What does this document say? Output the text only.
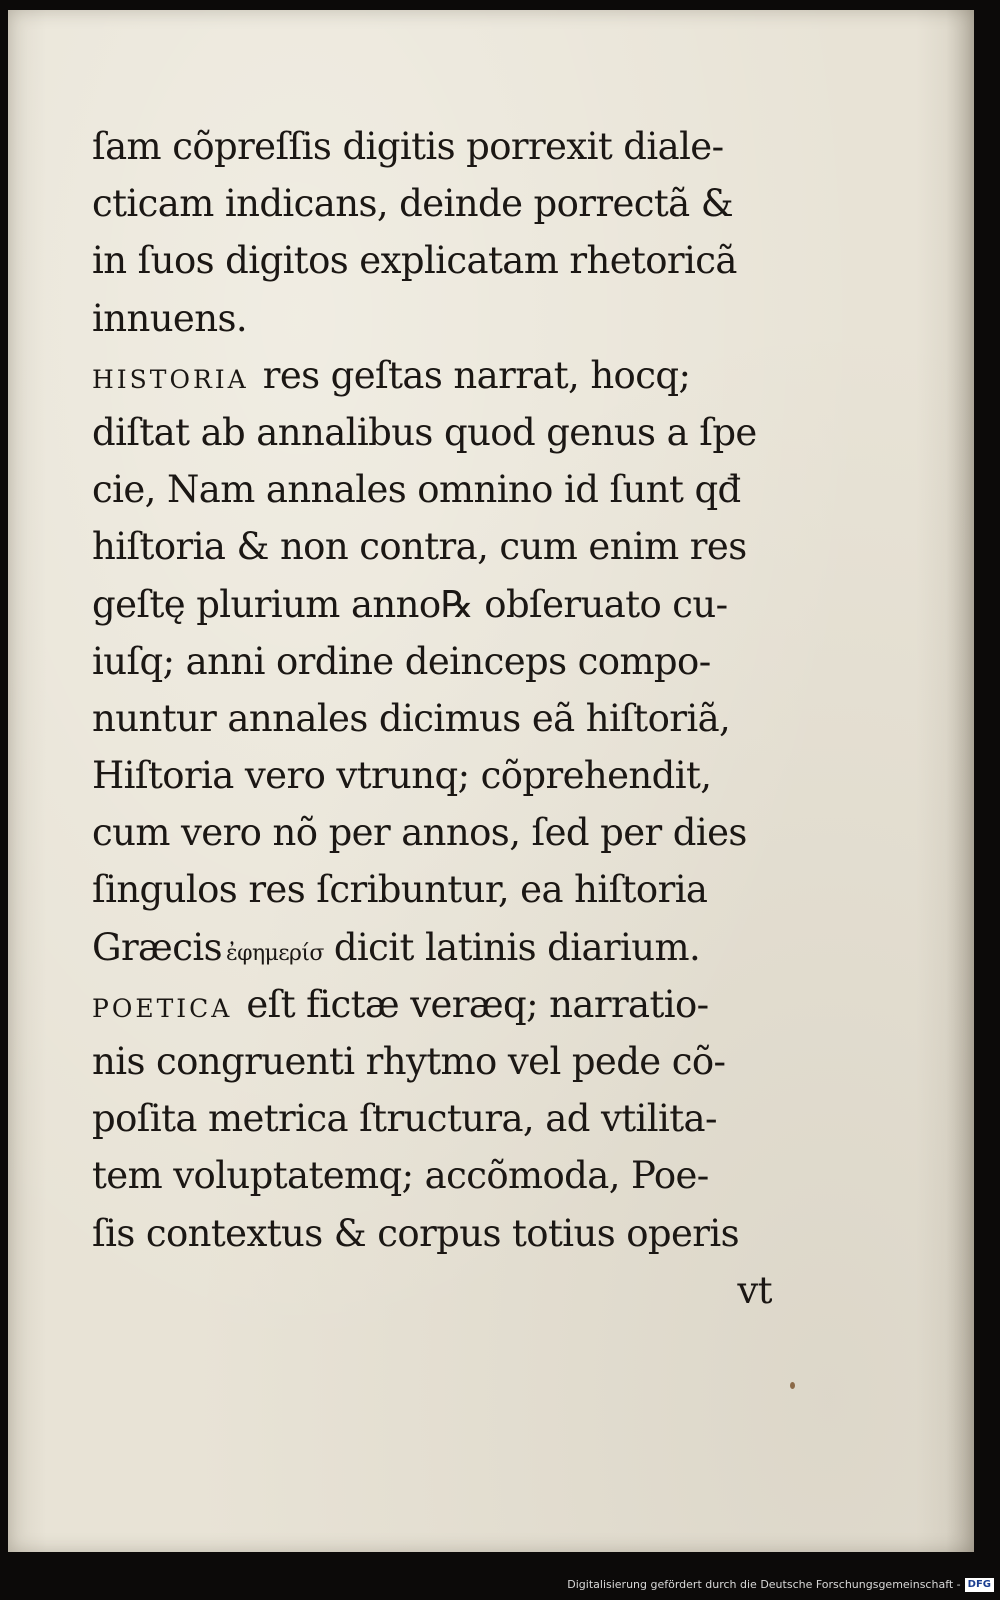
ſam cõpreſſis digitis porrexit diale-
cticam indicans, deinde porrectã &
in ſuos digitos explicatam rhetoricã
innuens.
HISTORIA res geſtas narrat, hocq;
diſtat ab annalibus quod genus a ſpe
cie, Nam annales omnino id ſunt qđ
hiſtoria & non contra, cum enim res
geſtę plurium anno℞ obſeruato cu-
iuſq; anni ordine deinceps compo-
nuntur annales dicimus eã hiſtoriã,
Hiſtoria vero vtrunq; cõprehendit,
cum vero nõ per annos, ſed per dies
ſingulos res ſcribuntur, ea hiſtoria
Græcis ἐφημερίσ dicit latinis diarium.
POETICA eſt fictæ veræq; narratio-
nis congruenti rhytmo vel pede cõ-
poſita metrica ſtructura, ad vtilita-
tem voluptatemq; accõmoda, Poe-
ſis contextus & corpus totius operis
vt
Digitalisierung gefördert durch die Deutsche Forschungsgemeinschaft - DFG
